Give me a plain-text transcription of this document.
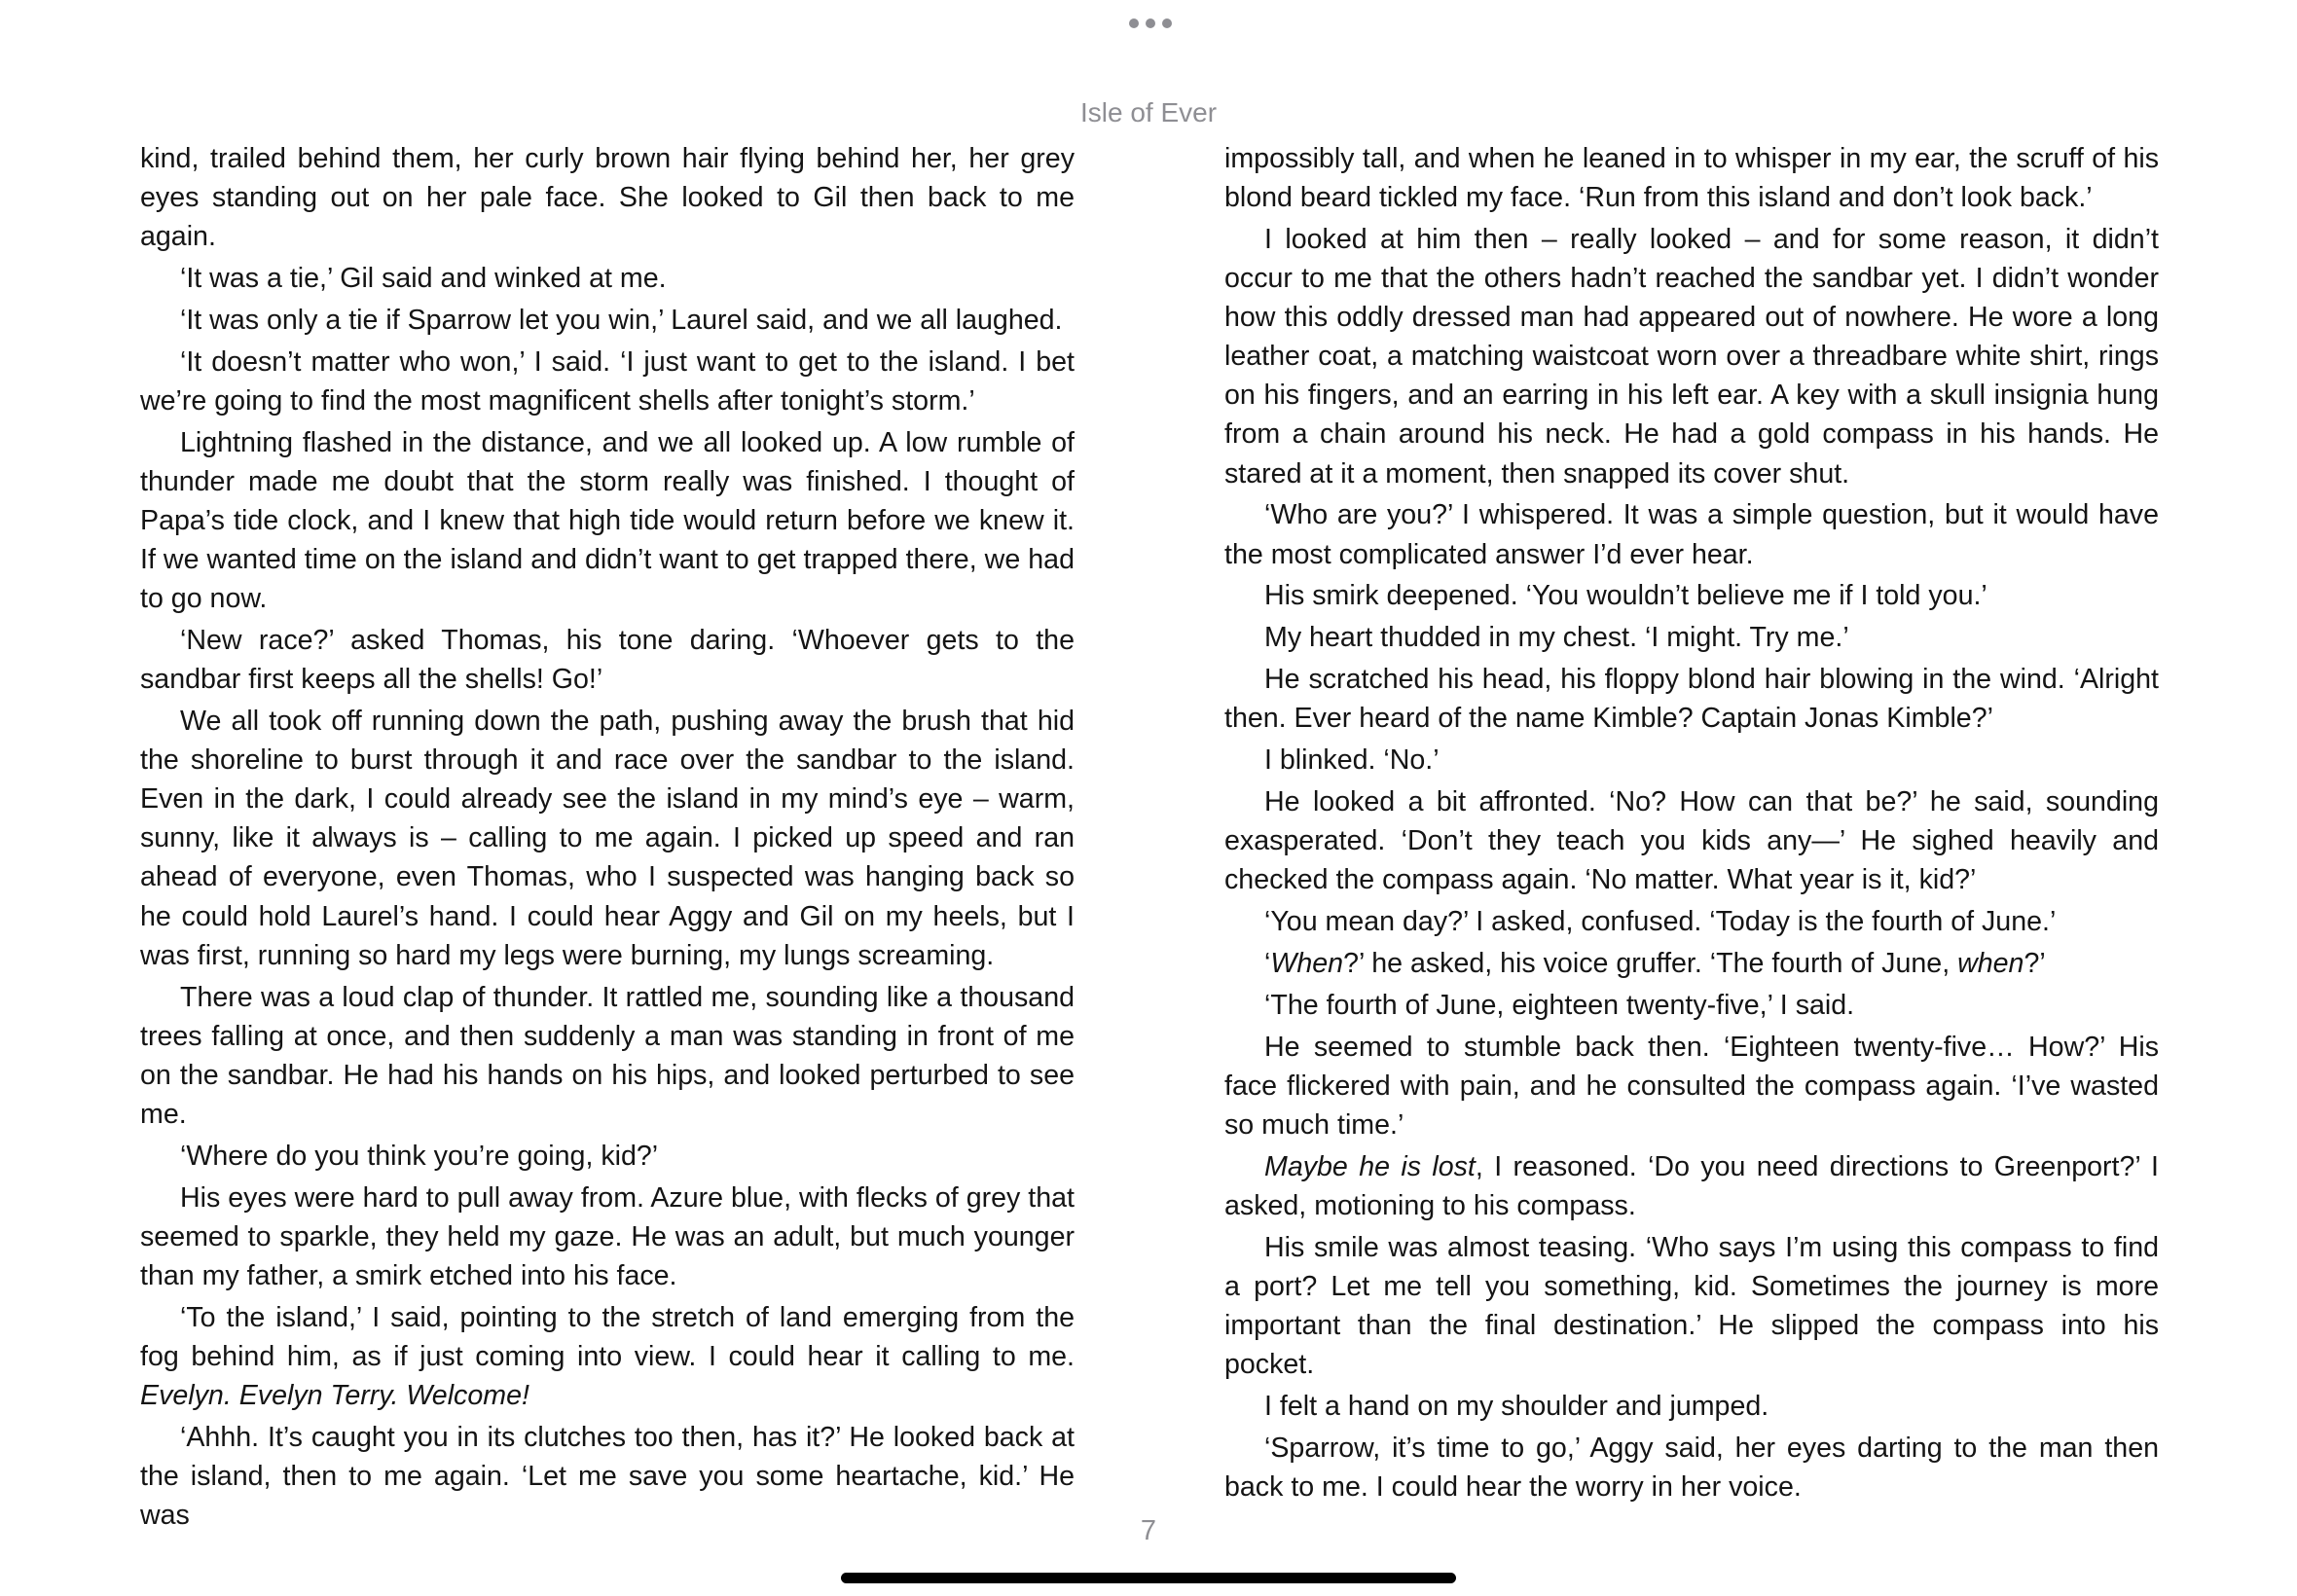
Isle of Ever

kind, trailed behind them, her curly brown hair flying behind her, her grey eyes standing out on her pale face. She looked to Gil then back to me again.

‘It was a tie,’ Gil said and winked at me.

‘It was only a tie if Sparrow let you win,’ Laurel said, and we all laughed.

‘It doesn’t matter who won,’ I said. ‘I just want to get to the island. I bet we’re going to find the most magnificent shells after tonight’s storm.’

Lightning flashed in the distance, and we all looked up. A low rumble of thunder made me doubt that the storm really was finished. I thought of Papa’s tide clock, and I knew that high tide would return before we knew it. If we wanted time on the island and didn’t want to get trapped there, we had to go now.

‘New race?’ asked Thomas, his tone daring. ‘Whoever gets to the sandbar first keeps all the shells! Go!’

We all took off running down the path, pushing away the brush that hid the shoreline to burst through it and race over the sandbar to the island. Even in the dark, I could already see the island in my mind’s eye – warm, sunny, like it always is – calling to me again. I picked up speed and ran ahead of everyone, even Thomas, who I suspected was hanging back so he could hold Laurel’s hand. I could hear Aggy and Gil on my heels, but I was first, running so hard my legs were burning, my lungs screaming.

There was a loud clap of thunder. It rattled me, sounding like a thousand trees falling at once, and then suddenly a man was standing in front of me on the sandbar. He had his hands on his hips, and looked perturbed to see me.

‘Where do you think you’re going, kid?’

His eyes were hard to pull away from. Azure blue, with flecks of grey that seemed to sparkle, they held my gaze. He was an adult, but much younger than my father, a smirk etched into his face.

‘To the island,’ I said, pointing to the stretch of land emerging from the fog behind him, as if just coming into view. I could hear it calling to me. Evelyn. Evelyn Terry. Welcome!

‘Ahhh. It’s caught you in its clutches too then, has it?’ He looked back at the island, then to me again. ‘Let me save you some heartache, kid.’ He was

impossibly tall, and when he leaned in to whisper in my ear, the scruff of his blond beard tickled my face. ‘Run from this island and don’t look back.’

I looked at him then – really looked – and for some reason, it didn’t occur to me that the others hadn’t reached the sandbar yet. I didn’t wonder how this oddly dressed man had appeared out of nowhere. He wore a long leather coat, a matching waistcoat worn over a threadbare white shirt, rings on his fingers, and an earring in his left ear. A key with a skull insignia hung from a chain around his neck. He had a gold compass in his hands. He stared at it a moment, then snapped its cover shut.

‘Who are you?’ I whispered. It was a simple question, but it would have the most complicated answer I’d ever hear.

His smirk deepened. ‘You wouldn’t believe me if I told you.’

My heart thudded in my chest. ‘I might. Try me.’

He scratched his head, his floppy blond hair blowing in the wind. ‘Alright then. Ever heard of the name Kimble? Captain Jonas Kimble?’

I blinked. ‘No.’

He looked a bit affronted. ‘No? How can that be?’ he said, sounding exasperated. ‘Don’t they teach you kids any—’ He sighed heavily and checked the compass again. ‘No matter. What year is it, kid?’

‘You mean day?’ I asked, confused. ‘Today is the fourth of June.’

‘When?’ he asked, his voice gruffer. ‘The fourth of June, when?’

‘The fourth of June, eighteen twenty-five,’ I said.

He seemed to stumble back then. ‘Eighteen twenty-five… How?’ His face flickered with pain, and he consulted the compass again. ‘I’ve wasted so much time.’

Maybe he is lost, I reasoned. ‘Do you need directions to Greenport?’ I asked, motioning to his compass.

His smile was almost teasing. ‘Who says I’m using this compass to find a port? Let me tell you something, kid. Sometimes the journey is more important than the final destination.’ He slipped the compass into his pocket.

I felt a hand on my shoulder and jumped.

‘Sparrow, it’s time to go,’ Aggy said, her eyes darting to the man then back to me. I could hear the worry in her voice.

7
